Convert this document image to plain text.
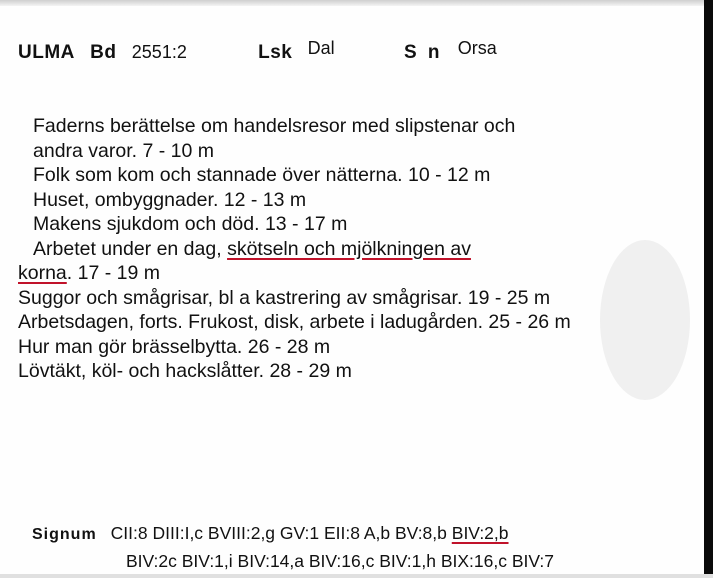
ULMA Bd 2551:2	Lsk Dal	S n Orsa
Faderns berättelse om handelsresor med slipstenar och
andra varor. 7 - 10 m
Folk som kom och stannade över nätterna. 10 - 12 m
Huset, ombyggnader. 12 - 13 m
Makens sjukdom och död. 13 - 17 m
Arbetet under en dag, skötseln och mjölkningen av
korna. 17 - 19 m
Suggor och smågrisar, bl a kastrering av smågrisar. 19 - 25 m
Arbetsdagen, forts. Frukost, disk, arbete i ladugården. 25 - 26 m
Hur man gör brässelbytta. 26 - 28 m
Lövtäkt, köl- och hackslåtter. 28 - 29 m
Signum CII:8 DIII:I,c BVIII:2,g GV:1 EII:8 A,b BV:8,b BIV:2,b
BIV:2c BIV:1,i BIV:14,a BIV:16,c BIV:1,h BIX:16,c BIV:7
